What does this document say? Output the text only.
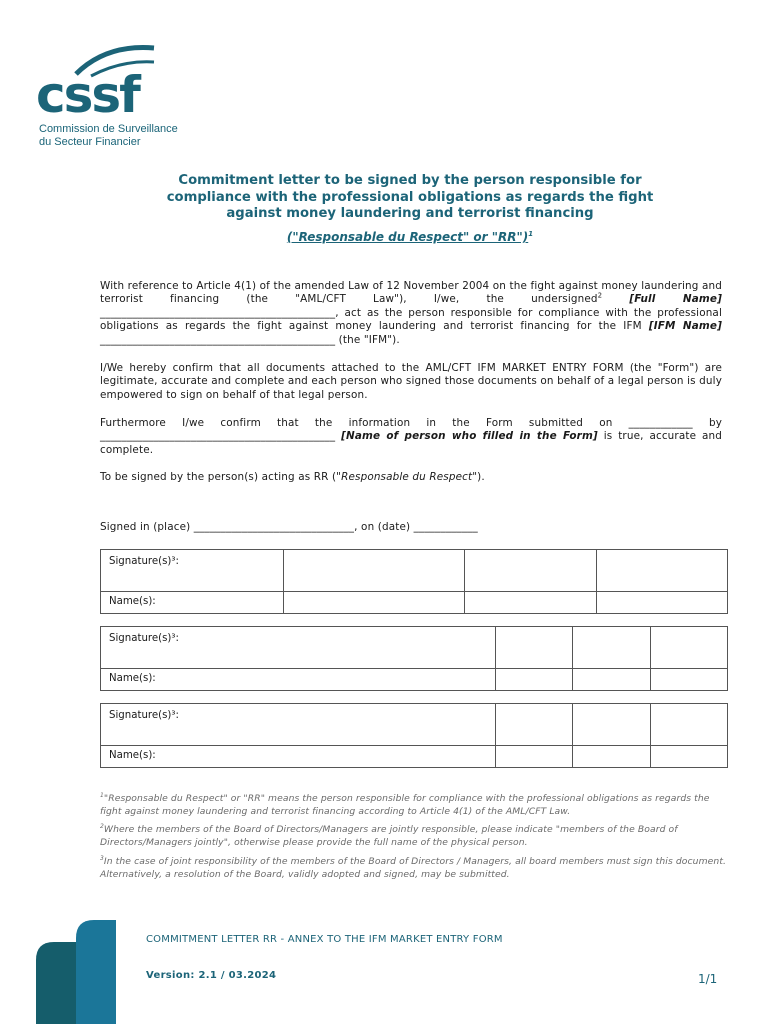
cssf
Commission de Surveillance
du Secteur Financier
Commitment letter to be signed by the person responsible for
compliance with the professional obligations as regards the fight
against money laundering and terrorist financing
("Responsable du Respect" or "RR")$^1$
With reference to Article 4(1) of the amended Law of 12 November 2004 on the fight against money laundering and terrorist financing (the "AML/CFT Law"), I/we, the undersigned$^2$	[Full Name] ____________________________________________, act as the person responsible for compliance with the professional obligations as regards the fight against money laundering and terrorist financing for the IFM [IFM Name] ____________________________________________ (the "IFM").
I/We hereby confirm that all documents attached to the AML/CFT IFM MARKET ENTRY FORM (the "Form") are legitimate, accurate and complete and each person who signed those documents on behalf of a legal person is duly empowered to sign on behalf of that legal person.
Furthermore I/we confirm that the information in the Form submitted on ____________ by ____________________________________________ [Name of person who filled in the Form] is true, accurate and complete.
To be signed by the person(s) acting as RR ("Responsable du Respect").
Signed in (place) ______________________________, on (date) ____________
Signature(s)³:			
Name(s):			
Signature(s)³:			
Name(s):			
Signature(s)³:			
Name(s):			
$^1$"Responsable du Respect" or "RR" means the person responsible for compliance with the professional obligations as regards the fight against money laundering and terrorist financing according to Article 4(1) of the AML/CFT Law.
$^2$Where the members of the Board of Directors/Managers are jointly responsible, please indicate "members of the Board of Directors/Managers jointly", otherwise please provide the full name of the physical person.
$^3$In the case of joint responsibility of the members of the Board of Directors / Managers, all board members must sign this document. Alternatively, a resolution of the Board, validly adopted and signed, may be submitted.
COMMITMENT LETTER RR - ANNEX TO THE IFM MARKET ENTRY FORM
Version: 2.1 / 03.2024	1/1
